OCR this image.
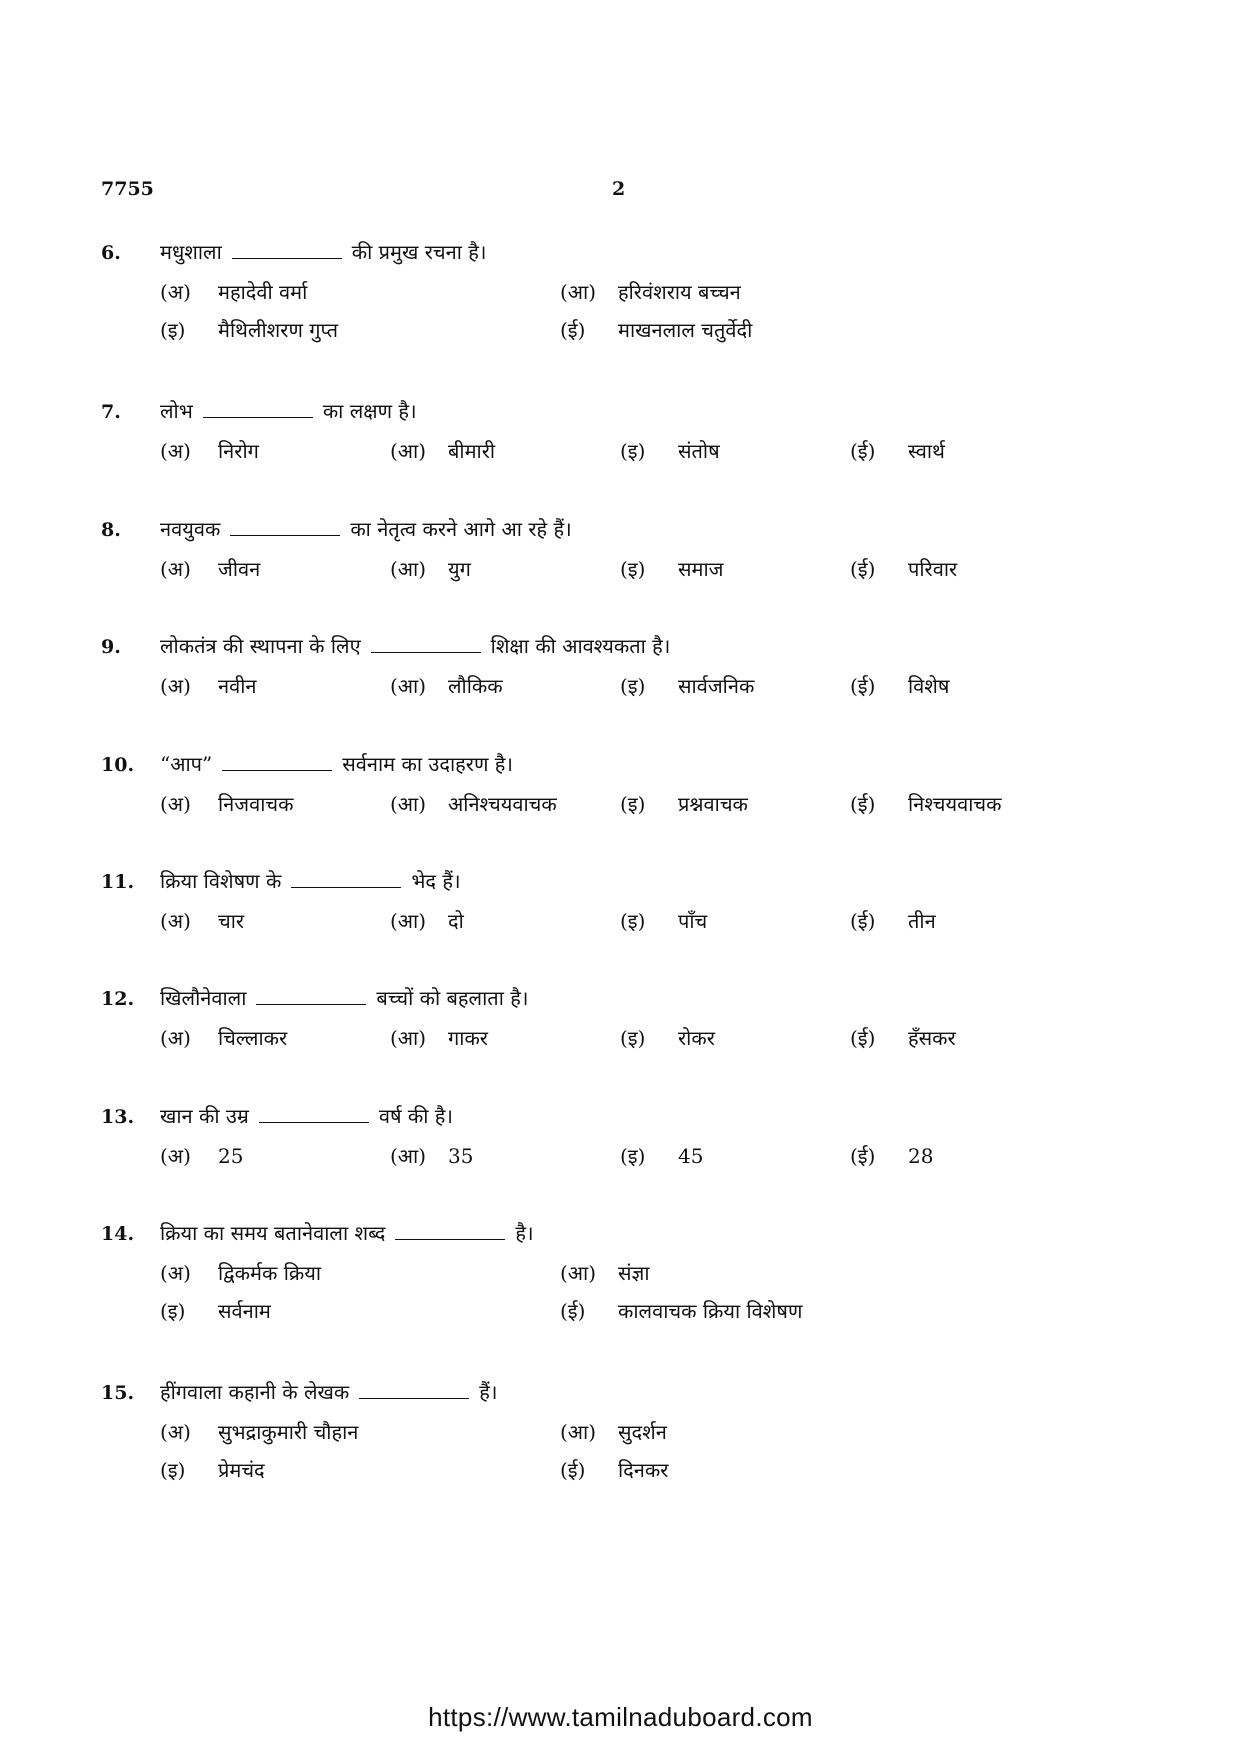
7755	2
6.	मधुशाला	की प्रमुख रचना है।
(अ)	महादेवी वर्मा	(आ)	हरिवंशराय बच्चन
(इ)	मैथिलीशरण गुप्त	(ई)	माखनलाल चतुर्वेदी
7.	लोभ	का लक्षण है।
(अ)	निरोग	(आ)	बीमारी	(इ)	संतोष	(ई)	स्वार्थ
8.	नवयुवक	का नेतृत्व करने आगे आ रहे हैं।
(अ)	जीवन	(आ)	युग	(इ)	समाज	(ई)	परिवार
9.	लोकतंत्र की स्थापना के लिए	शिक्षा की आवश्यकता है।
(अ)	नवीन	(आ)	लौकिक	(इ)	सार्वजनिक	(ई)	विशेष
10.	“आप”	सर्वनाम का उदाहरण है।
(अ)	निजवाचक	(आ)	अनिश्चयवाचक	(इ)	प्रश्नवाचक	(ई)	निश्चयवाचक
11.	क्रिया विशेषण के	भेद हैं।
(अ)	चार	(आ)	दो	(इ)	पाँच	(ई)	तीन
12.	खिलौनेवाला	बच्चों को बहलाता है।
(अ)	चिल्लाकर	(आ)	गाकर	(इ)	रोकर	(ई)	हँसकर
13.	खान की उम्र	वर्ष की है।
(अ)	25	(आ)	35	(इ)	45	(ई)	28
14.	क्रिया का समय बतानेवाला शब्द	है।
(अ)	द्विकर्मक क्रिया	(आ)	संज्ञा
(इ)	सर्वनाम	(ई)	कालवाचक क्रिया विशेषण
15.	हींगवाला कहानी के लेखक	हैं।
(अ)	सुभद्राकुमारी चौहान	(आ)	सुदर्शन
(इ)	प्रेमचंद	(ई)	दिनकर
https://www.tamilnaduboard.com
